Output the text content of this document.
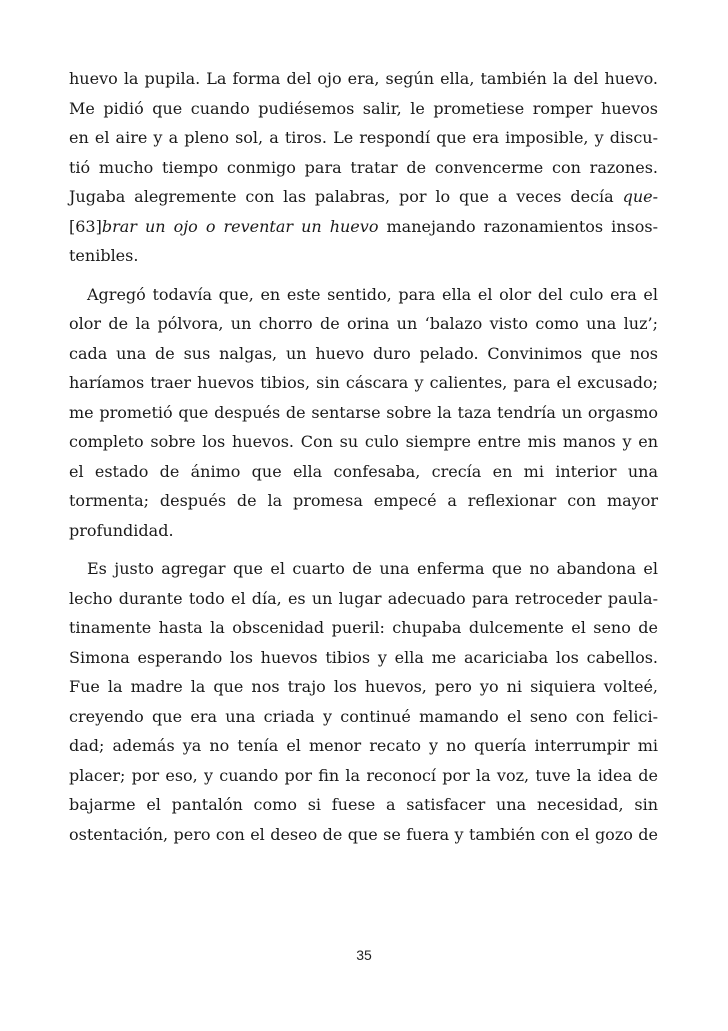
huevo la pupila. La forma del ojo era, según ella, también la del huevo.
Me pidió que cuando pudiésemos salir, le prometiese romper huevos
en el aire y a pleno sol, a tiros. Le respondí que era imposible, y discu-
tió mucho tiempo conmigo para tratar de convencerme con razones.
Jugaba alegremente con las palabras, por lo que a veces decía que-
[63]brar un ojo o reventar un huevo manejando razonamientos insos-
tenibles.

Agregó todavía que, en este sentido, para ella el olor del culo era el
olor de la pólvora, un chorro de orina un ‘balazo visto como una luz’;
cada una de sus nalgas, un huevo duro pelado. Convinimos que nos
haríamos traer huevos tibios, sin cáscara y calientes, para el excusado;
me prometió que después de sentarse sobre la taza tendría un orgasmo
completo sobre los huevos. Con su culo siempre entre mis manos y en
el estado de ánimo que ella confesaba, crecía en mi interior una
tormenta; después de la promesa empecé a reflexionar con mayor
profundidad.

Es justo agregar que el cuarto de una enferma que no abandona el
lecho durante todo el día, es un lugar adecuado para retroceder paula-
tinamente hasta la obscenidad pueril: chupaba dulcemente el seno de
Simona esperando los huevos tibios y ella me acariciaba los cabellos.
Fue la madre la que nos trajo los huevos, pero yo ni siquiera volteé,
creyendo que era una criada y continué mamando el seno con felici-
dad; además ya no tenía el menor recato y no quería interrumpir mi
placer; por eso, y cuando por fin la reconocí por la voz, tuve la idea de
bajarme el pantalón como si fuese a satisfacer una necesidad, sin
ostentación, pero con el deseo de que se fuera y también con el gozo de

35
